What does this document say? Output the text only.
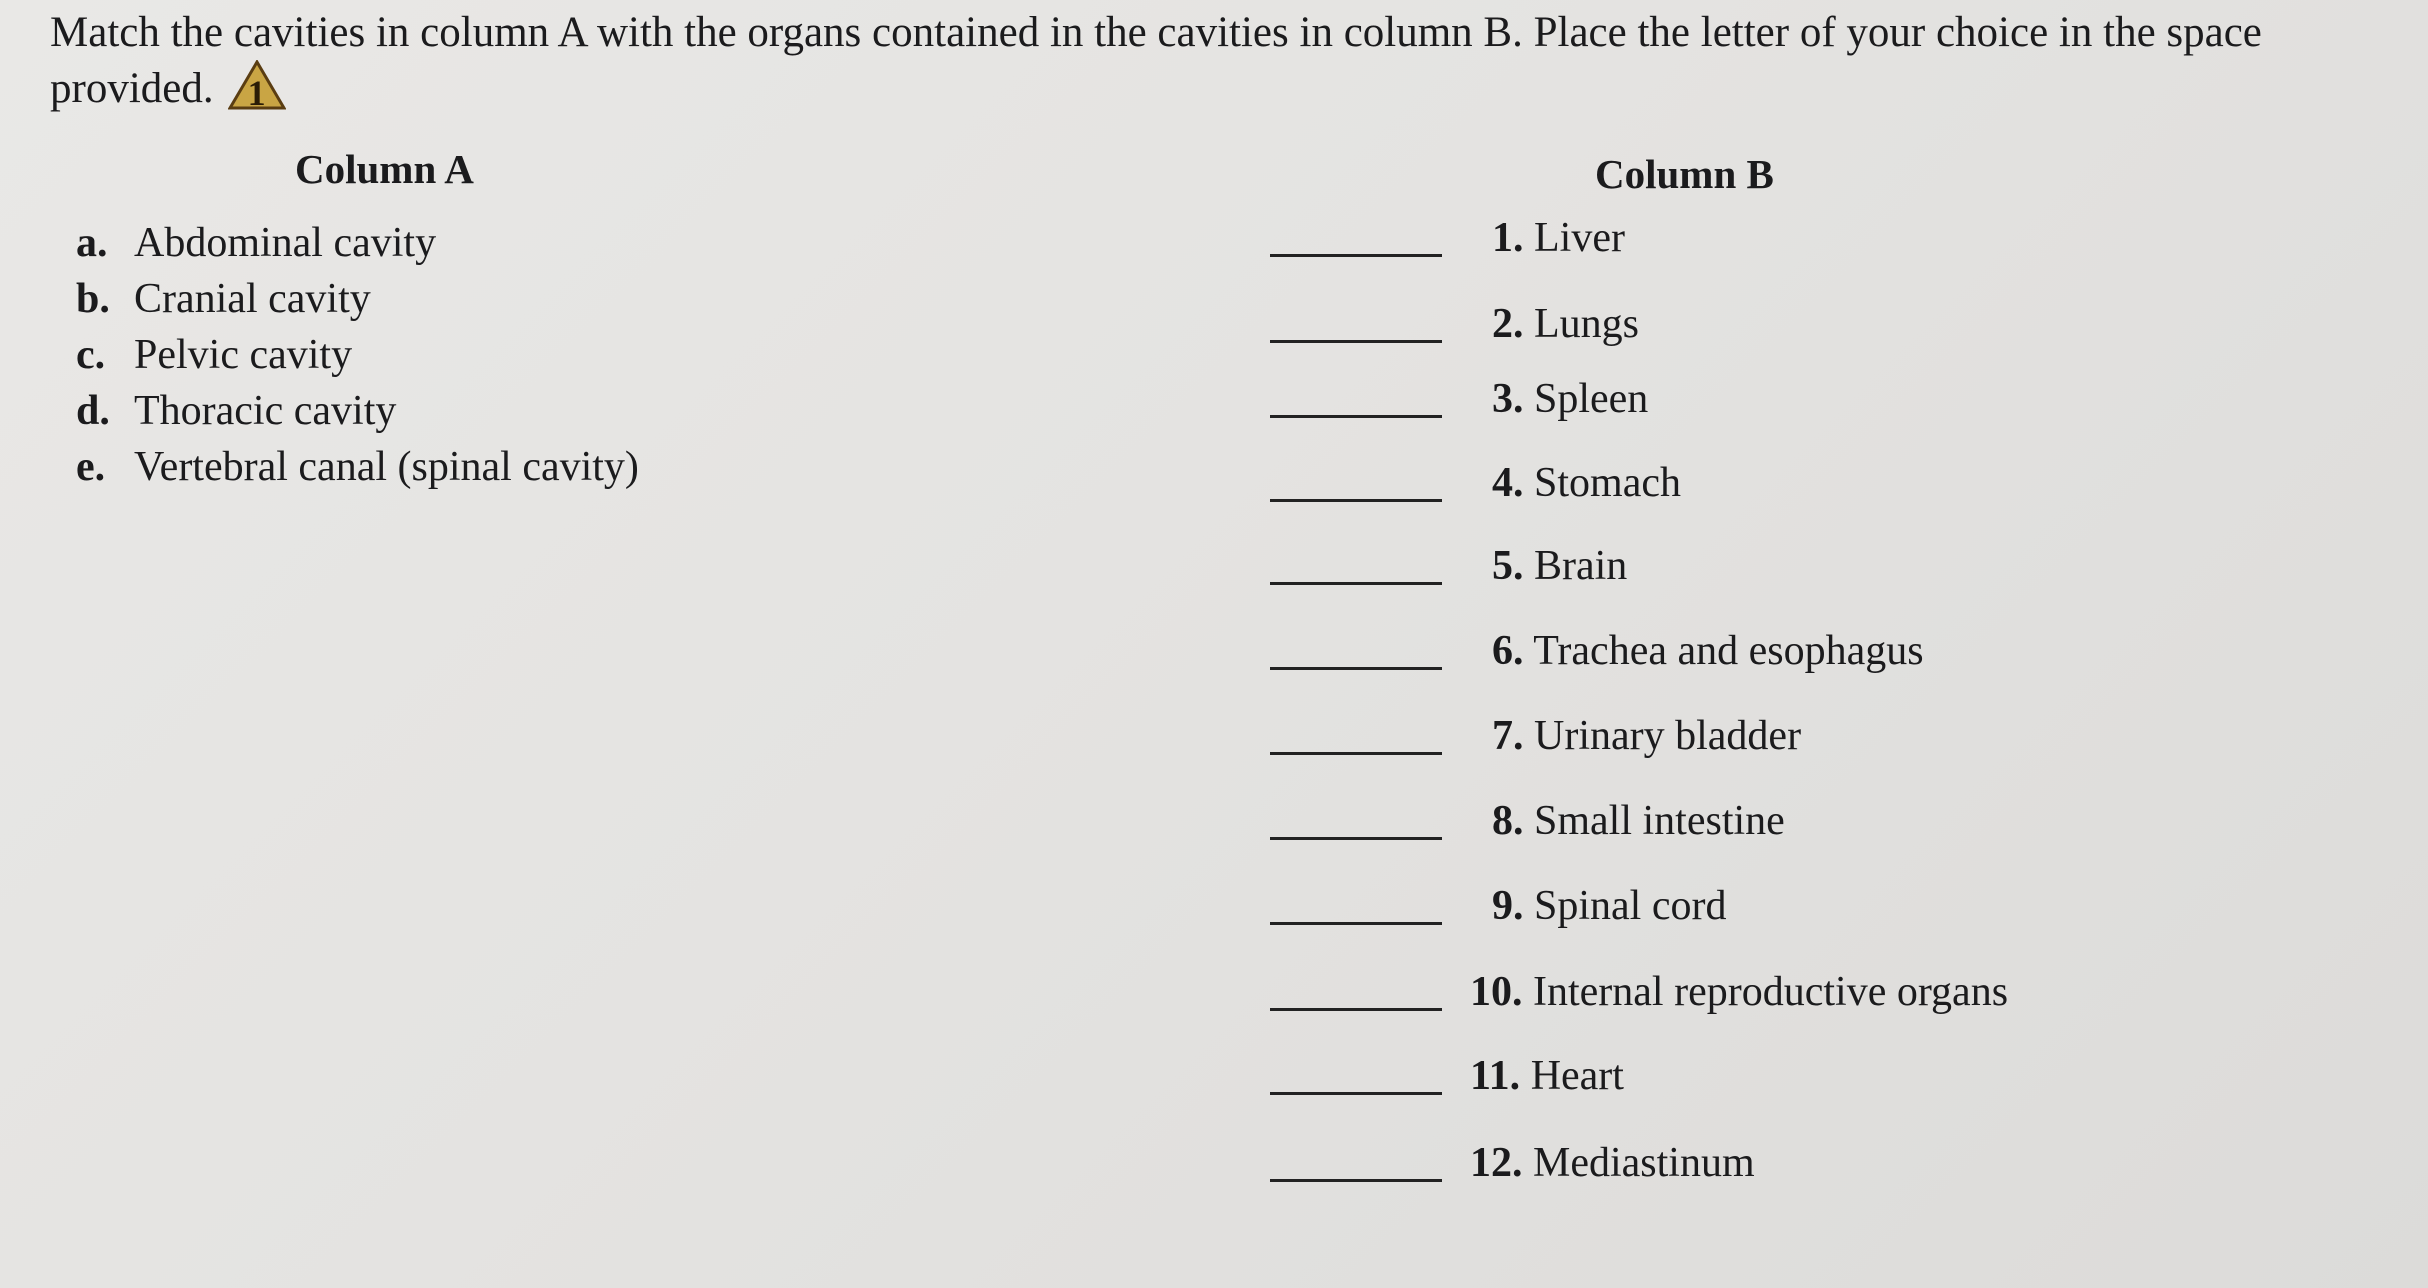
Match the cavities in column A with the organs contained in the cavities in column B. Place the letter of your choice in the space provided. 1
Column A	Column B
a. Abdominal cavity
b. Cranial cavity
c. Pelvic cavity
d. Thoracic cavity
e. Vertebral canal (spinal cavity)
1. Liver
2. Lungs
3. Spleen
4. Stomach
5. Brain
6. Trachea and esophagus
7. Urinary bladder
8. Small intestine
9. Spinal cord
10. Internal reproductive organs
11. Heart
12. Mediastinum
